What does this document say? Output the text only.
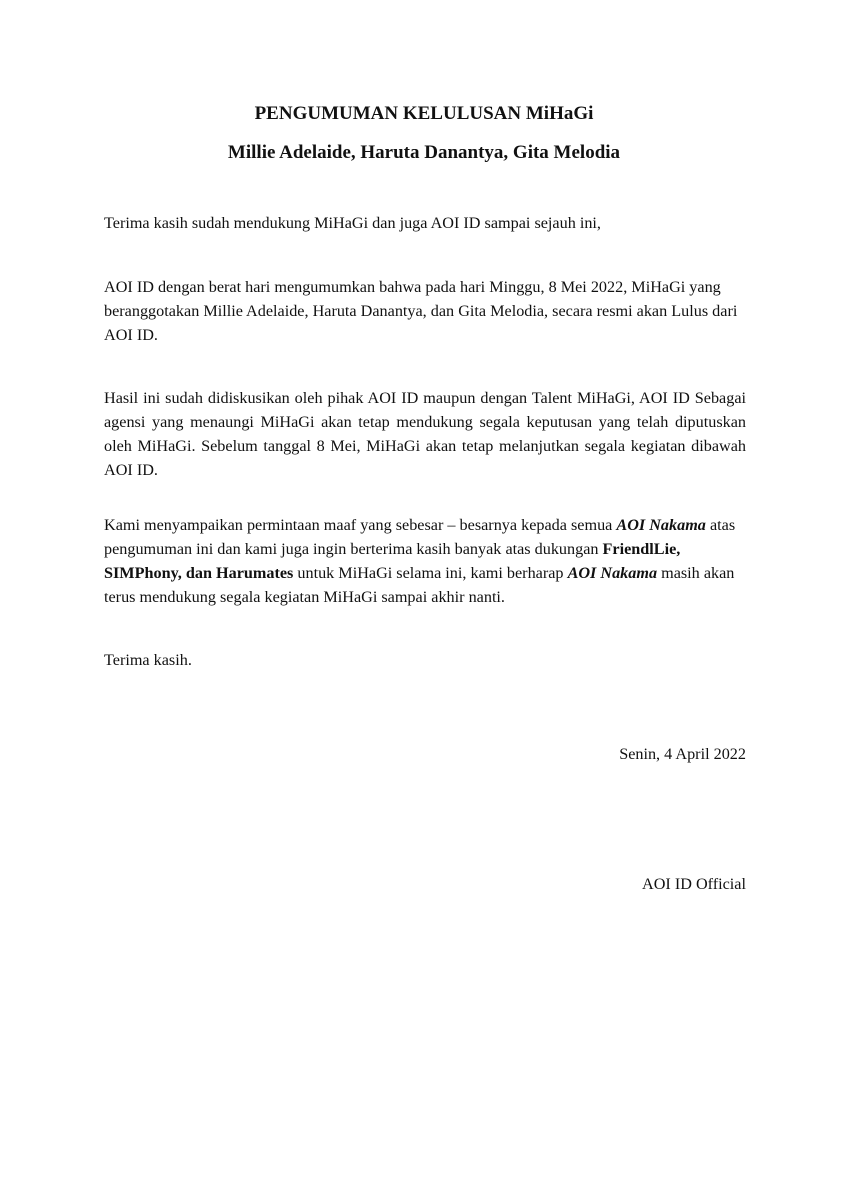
PENGUMUMAN KELULUSAN MiHaGi
Millie Adelaide, Haruta Danantya, Gita Melodia

Terima kasih sudah mendukung MiHaGi dan juga AOI ID sampai sejauh ini,

AOI ID dengan berat hari mengumumkan bahwa pada hari Minggu, 8 Mei 2022, MiHaGi yang beranggotakan Millie Adelaide, Haruta Danantya, dan Gita Melodia, secara resmi akan Lulus dari AOI ID.

Hasil ini sudah didiskusikan oleh pihak AOI ID maupun dengan Talent MiHaGi, AOI ID Sebagai agensi yang menaungi MiHaGi akan tetap mendukung segala keputusan yang telah diputuskan oleh MiHaGi. Sebelum tanggal 8 Mei, MiHaGi akan tetap melanjutkan segala kegiatan dibawah AOI ID.

Kami menyampaikan permintaan maaf yang sebesar – besarnya kepada semua AOI Nakama atas pengumuman ini dan kami juga ingin berterima kasih banyak atas dukungan FriendlLie, SIMPhony, dan Harumates untuk MiHaGi selama ini, kami berharap AOI Nakama masih akan terus mendukung segala kegiatan MiHaGi sampai akhir nanti.

Terima kasih.

Senin, 4 April 2022

AOI ID Official
